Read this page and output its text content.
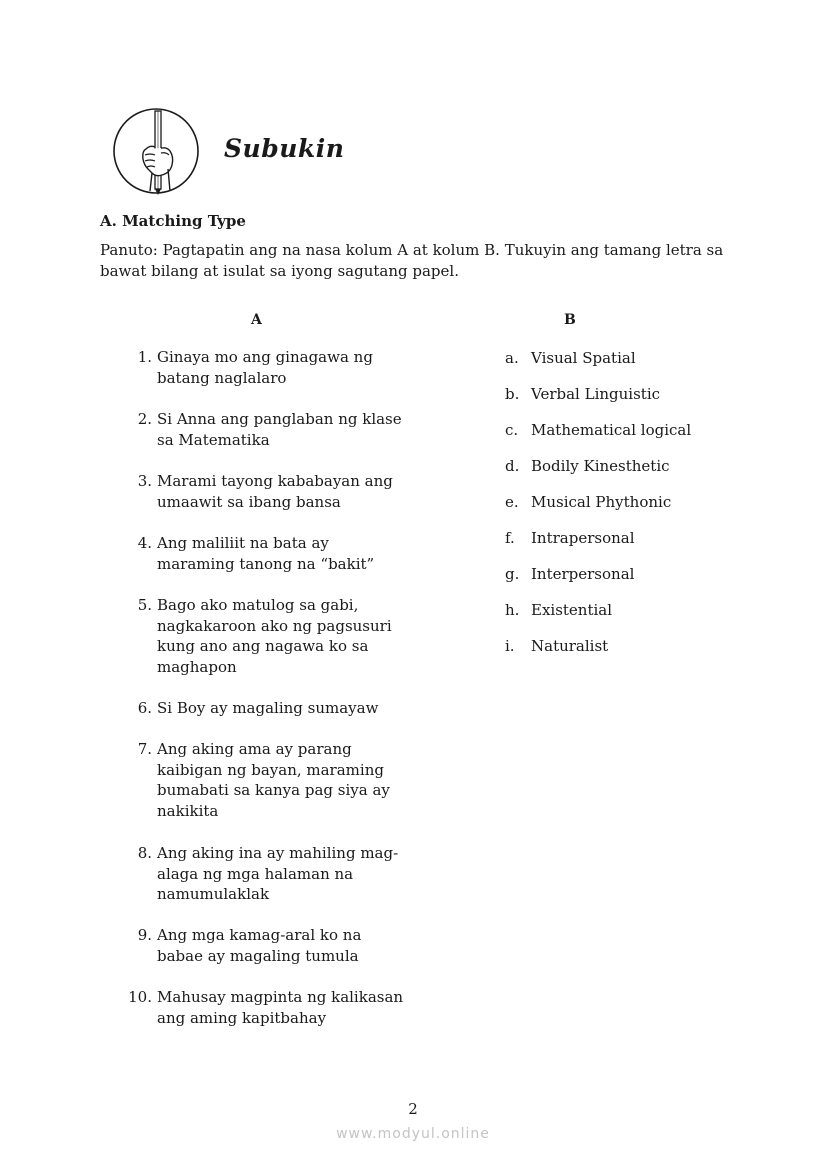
Subukin
A. Matching Type
Panuto: Pagtapatin ang na nasa kolum A at kolum B. Tukuyin ang tamang letra sa bawat bilang at isulat sa iyong sagutang papel.
A	B
1. Ginaya mo ang ginagawa ng batang naglalaro
2. Si Anna ang panglaban ng klase sa Matematika
3. Marami tayong kababayan ang umaawit sa ibang bansa
4. Ang maliliit na bata ay maraming tanong na “bakit”
5. Bago ako matulog sa gabi, nagkakaroon ako ng pagsusuri kung ano ang nagawa ko sa maghapon
6. Si Boy ay magaling sumayaw
7. Ang aking ama ay parang kaibigan ng bayan, maraming bumabati sa kanya pag siya ay nakikita
8. Ang aking ina ay mahiling mag-alaga ng mga halaman na namumulaklak
9. Ang mga kamag-aral ko na babae ay magaling tumula
10. Mahusay magpinta ng kalikasan ang aming kapitbahay
a. Visual Spatial
b. Verbal Linguistic
c. Mathematical logical
d. Bodily Kinesthetic
e. Musical Phythonic
f. Intrapersonal
g. Interpersonal
h. Existential
i. Naturalist
2
www.modyul.online
